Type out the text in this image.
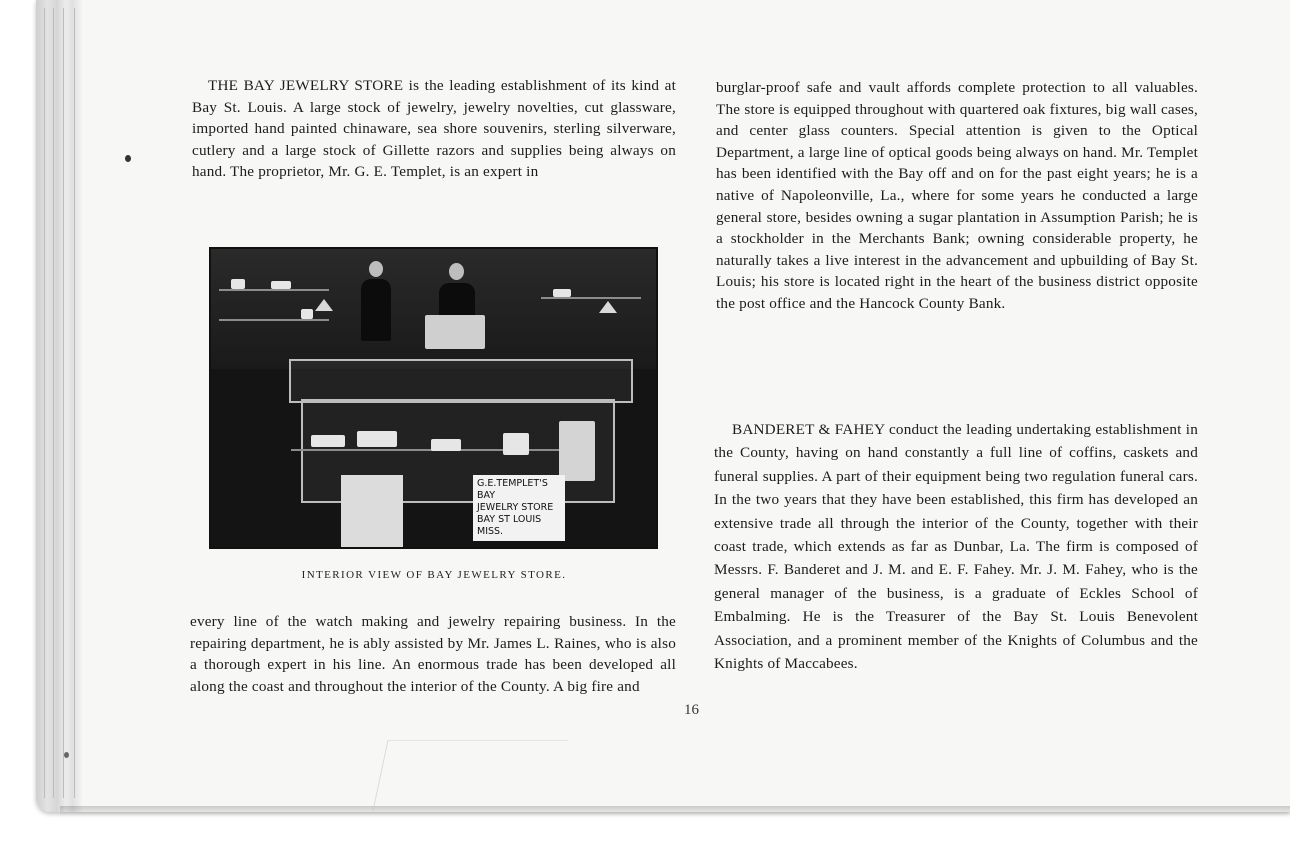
THE BAY JEWELRY STORE is the leading establishment of its kind at Bay St. Louis. A large stock of jewelry, jewelry novelties, cut glassware, imported hand painted chinaware, sea shore souvenirs, sterling silverware, cutlery and a large stock of Gillette razors and supplies being always on hand. The proprietor, Mr. G. E. Templet, is an expert in

G.E.TEMPLET'S
BAY
JEWELRY STORE
BAY ST LOUIS
MISS.
INTERIOR VIEW OF BAY JEWELRY STORE.

every line of the watch making and jewelry repairing business. In the repairing department, he is ably assisted by Mr. James L. Raines, who is also a thorough expert in his line. An enormous trade has been developed all along the coast and throughout the interior of the County. A big fire and

16

burglar-proof safe and vault affords complete protection to all valuables. The store is equipped throughout with quartered oak fixtures, big wall cases, and center glass counters. Special attention is given to the Optical Department, a large line of optical goods being always on hand. Mr. Templet has been identified with the Bay off and on for the past eight years; he is a native of Napoleonville, La., where for some years he conducted a large general store, besides owning a sugar plantation in Assumption Parish; he is a stockholder in the Merchants Bank; owning considerable property, he naturally takes a live interest in the advancement and upbuilding of Bay St. Louis; his store is located right in the heart of the business district opposite the post office and the Hancock County Bank.

BANDERET & FAHEY conduct the leading undertaking establishment in the County, having on hand constantly a full line of coffins, caskets and funeral supplies. A part of their equipment being two regulation funeral cars. In the two years that they have been established, this firm has developed an extensive trade all through the interior of the County, together with their coast trade, which extends as far as Dunbar, La. The firm is composed of Messrs. F. Banderet and J. M. and E. F. Fahey. Mr. J. M. Fahey, who is the general manager of the business, is a graduate of Eckles School of Embalming. He is the Treasurer of the Bay St. Louis Benevolent Association, and a prominent member of the Knights of Columbus and the Knights of Maccabees.
